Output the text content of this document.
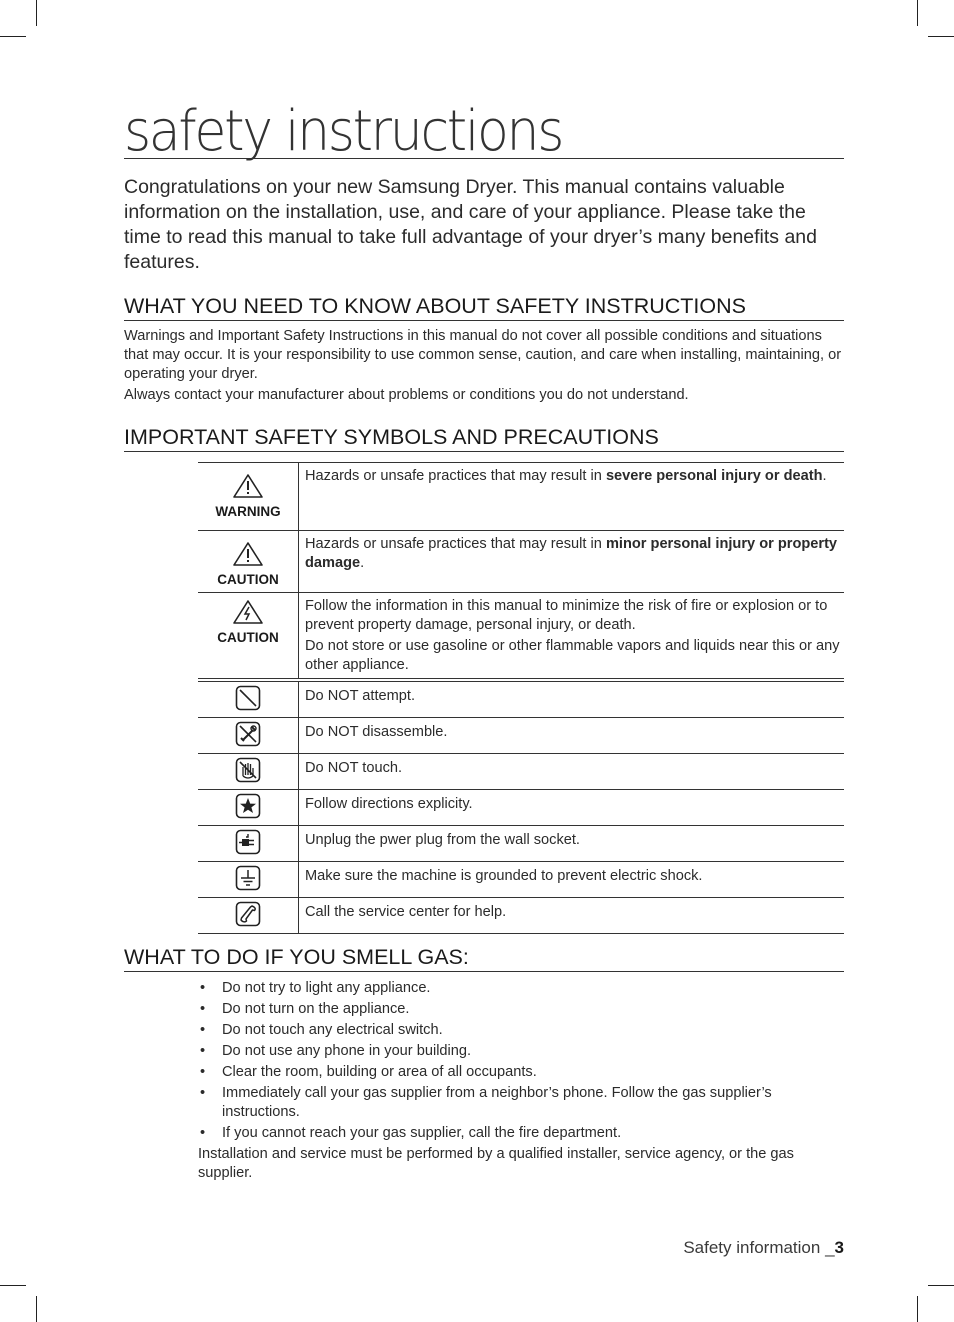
safety instructions
Congratulations on your new Samsung Dryer. This manual contains valuable information on the installation, use, and care of your appliance. Please take the time to read this manual to take full advantage of your dryer’s many benefits and features.
WHAT YOU NEED TO KNOW ABOUT SAFETY INSTRUCTIONS

Warnings and Important Safety Instructions in this manual do not cover all possible conditions and situations that may occur. It is your responsibility to use common sense, caution, and care when installing, maintaining, or operating your dryer.

Always contact your manufacturer about problems or conditions you do not understand.

IMPORTANT SAFETY SYMBOLS AND PRECAUTIONS
WARNING	Hazards or unsafe practices that may result in severe personal injury or death.

CAUTION	Hazards or unsafe practices that may result in minor personal injury or property damage.

CAUTION	Follow the information in this manual to minimize the risk of fire or explosion or to prevent property damage, personal injury, or death.
Do not store or use gasoline or other flammable vapors and liquids near this or any other appliance.
	Do NOT attempt.
	Do NOT disassemble.
	Do NOT touch.
	Follow directions explicity.
	Unplug the pwer plug from the wall socket.
	Make sure the machine is grounded to prevent electric shock.
	Call the service center for help.
WHAT TO DO IF YOU SMELL GAS:
• Do not try to light any appliance.
• Do not turn on the appliance.
• Do not touch any electrical switch.
• Do not use any phone in your building.
• Clear the room, building or area of all occupants.
• Immediately call your gas supplier from a neighbor’s phone. Follow the gas supplier’s instructions.
• If you cannot reach your gas supplier, call the fire department.
Installation and service must be performed by a qualified installer, service agency, or the gas supplier.
Safety information _3
